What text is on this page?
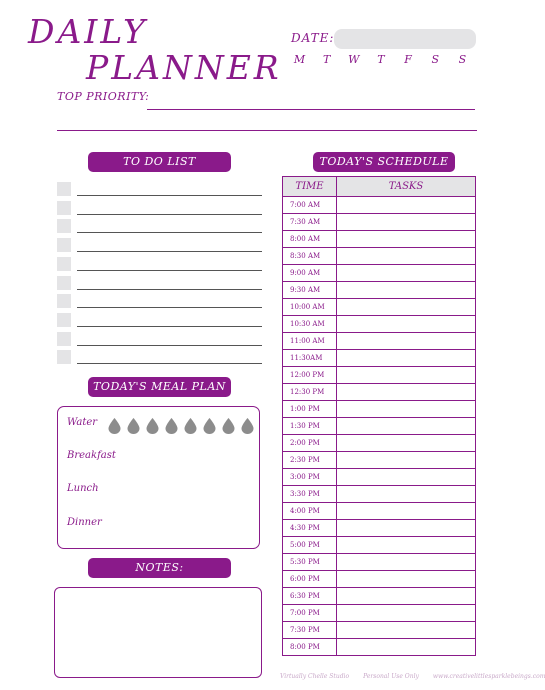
DAILY
PLANNER
DATE:
M	T	W	T	F	S	S
TOP PRIORITY:
TO DO LIST	TODAY'S SCHEDULE
TIME	TASKS
7:00 AM	
7:30 AM	
8:00 AM	
8:30 AM	
9:00 AM	
9:30 AM	
10:00 AM	
10:30 AM	
11:00 AM	
11:30AM	
12:00 PM	
12:30 PM	
1:00 PM	
1:30 PM	
2:00 PM	
2:30 PM	
3:00 PM	
3:30 PM	
4:00 PM	
4:30 PM	
5:00 PM	
5:30 PM	
6:00 PM	
6:30 PM	
7:00 PM	
7:30 PM	
8:00 PM	
TODAY'S MEAL PLAN
Water
Breakfast
Lunch
Dinner
NOTES:
Virtually Chelle Studio Personal Use Only www.creativelittlesparklebeings.com
